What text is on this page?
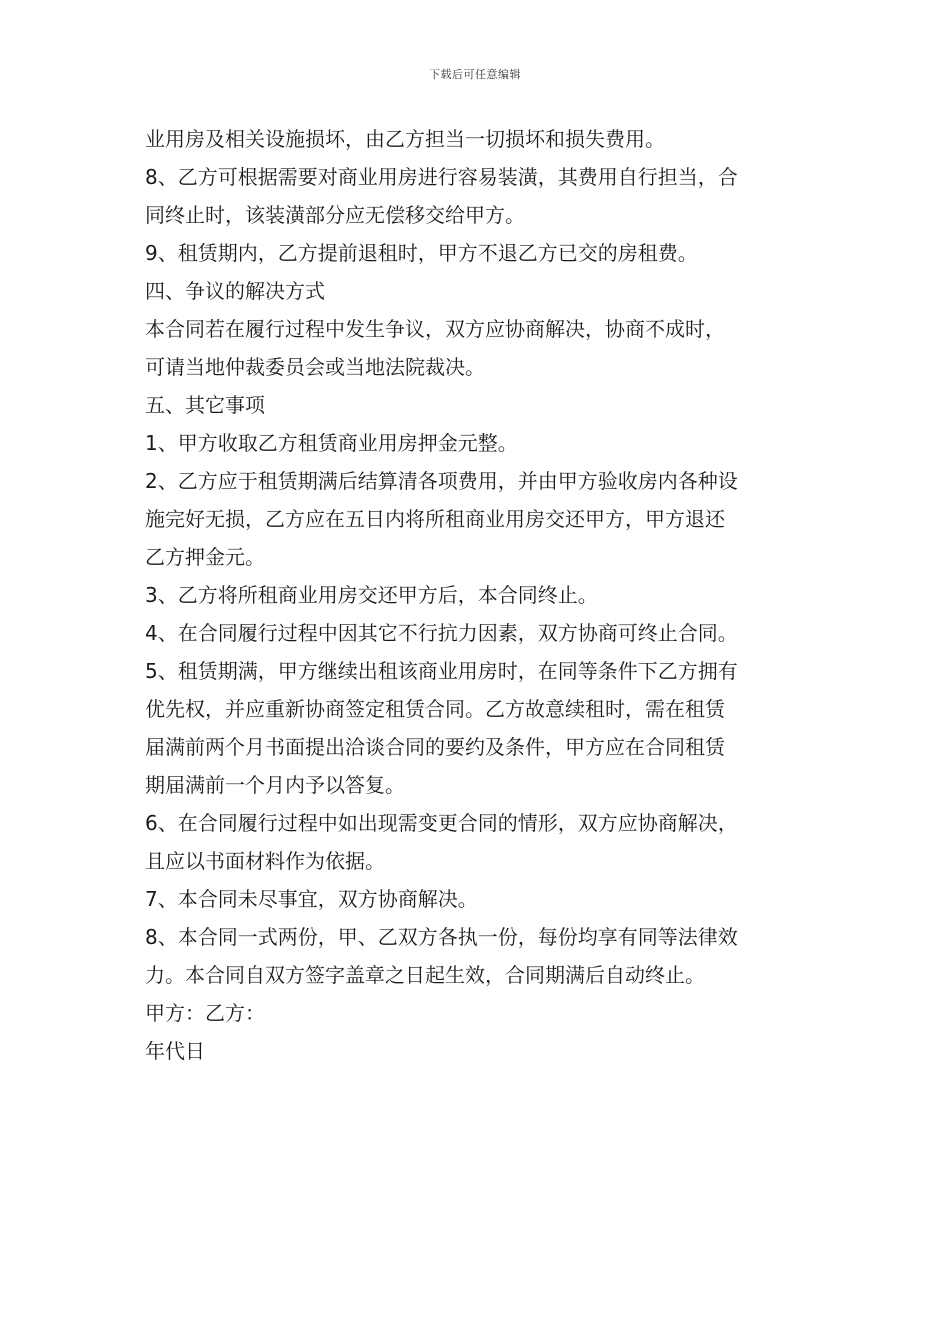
下载后可任意编辑
业用房及相关设施损坏，由乙方担当一切损坏和损失费用。
8、乙方可根据需要对商业用房进行容易装潢，其费用自行担当，合
同终止时，该装潢部分应无偿移交给甲方。
9、租赁期内，乙方提前退租时，甲方不退乙方已交的房租费。
四、争议的解决方式
本合同若在履行过程中发生争议，双方应协商解决，协商不成时，
可请当地仲裁委员会或当地法院裁决。
五、其它事项
1、甲方收取乙方租赁商业用房押金元整。
2、乙方应于租赁期满后结算清各项费用，并由甲方验收房内各种设
施完好无损，乙方应在五日内将所租商业用房交还甲方，甲方退还
乙方押金元。
3、乙方将所租商业用房交还甲方后，本合同终止。
4、在合同履行过程中因其它不行抗力因素，双方协商可终止合同。
5、租赁期满，甲方继续出租该商业用房时，在同等条件下乙方拥有
优先权，并应重新协商签定租赁合同。乙方故意续租时，需在租赁
届满前两个月书面提出洽谈合同的要约及条件，甲方应在合同租赁
期届满前一个月内予以答复。
6、在合同履行过程中如出现需变更合同的情形，双方应协商解决，
且应以书面材料作为依据。
7、本合同未尽事宜，双方协商解决。
8、本合同一式两份，甲、乙双方各执一份，每份均享有同等法律效
力。本合同自双方签字盖章之日起生效，合同期满后自动终止。
甲方：乙方：
年代日
